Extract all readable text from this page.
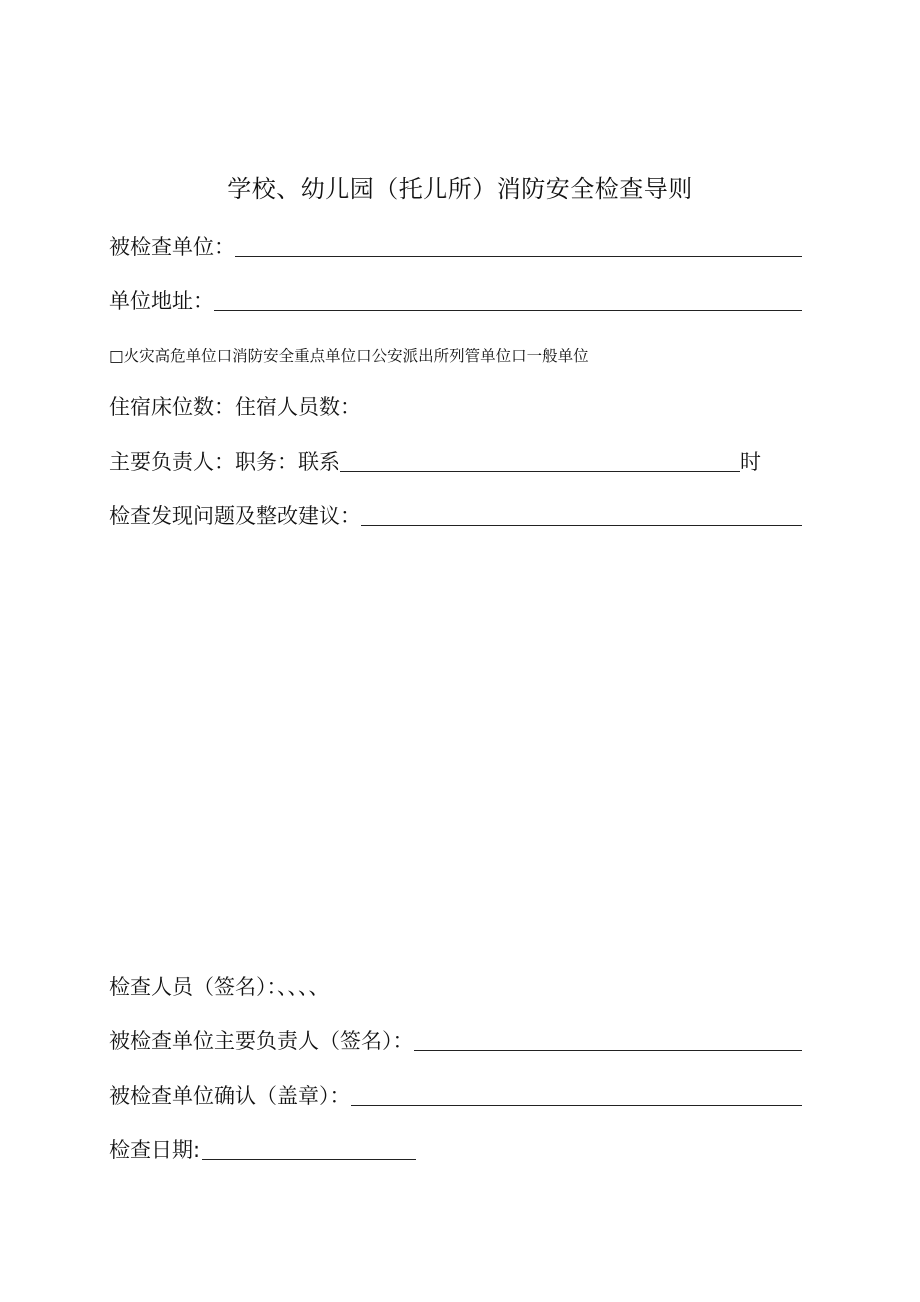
学校、幼儿园（托儿所）消防安全检查导则
被检查单位：
单位地址：
□火灾高危单位口消防安全重点单位口公安派出所列管单位口一般单位
住宿床位数：住宿人员数：
主要负责人：职务：联系	时
检查发现问题及整改建议：
检查人员（签名）：、、、、
被检查单位主要负责人（签名）：
被检查单位确认（盖章）：
检查日期:
